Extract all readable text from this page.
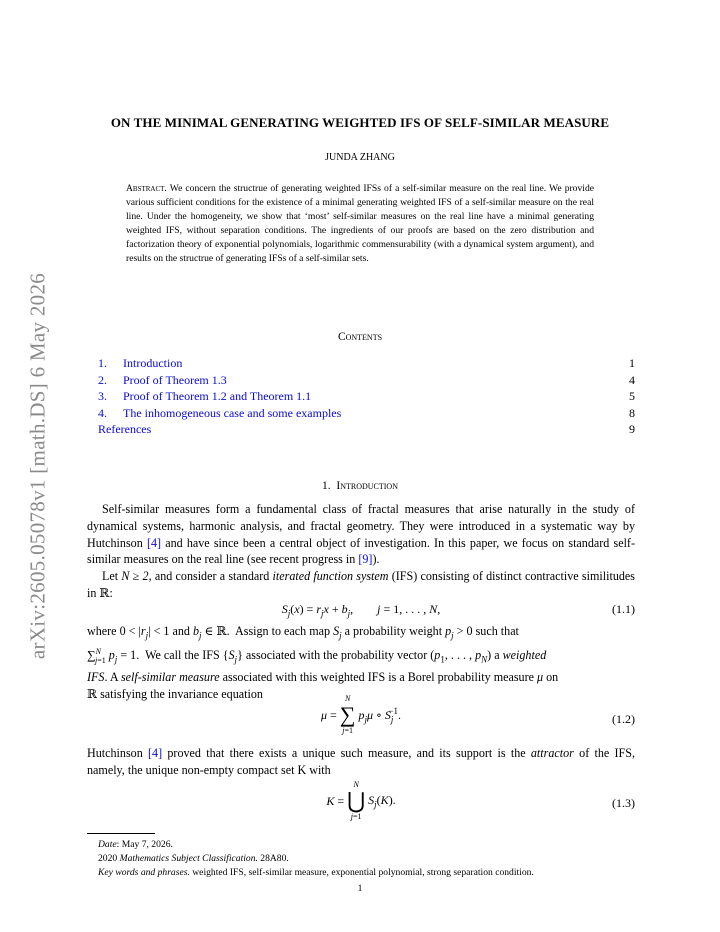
arXiv:2605.05078v1 [math.DS] 6 May 2026
ON THE MINIMAL GENERATING WEIGHTED IFS OF SELF-SIMILAR MEASURE
JUNDA ZHANG
Abstract. We concern the structrue of generating weighted IFSs of a self-similar measure on the real line. We provide various sufficient conditions for the existence of a minimal generating weighted IFS of a self-similar measure on the real line. Under the homogeneity, we show that ‘most’ self-similar measures on the real line have a minimal generating weighted IFS, without separation conditions. The ingredients of our proofs are based on the zero distribution and factorization theory of exponential polynomials, logarithmic commensurability (with a dynamical system argument), and results on the structrue of generating IFSs of a self-similar sets.
Contents
1. Introduction	1
2. Proof of Theorem 1.3	4
3. Proof of Theorem 1.2 and Theorem 1.1	5
4. The inhomogeneous case and some examples	8
References	9
1. Introduction

Self-similar measures form a fundamental class of fractal measures that arise naturally in the study of dynamical systems, harmonic analysis, and fractal geometry. They were introduced in a systematic way by Hutchinson [4] and have since been a central object of investigation. In this paper, we focus on standard self-similar measures on the real line (see recent progress in [9]).

Let N ≥ 2, and consider a standard iterated function system (IFS) consisting of distinct contractive similitudes in ℝ:

$S_j(x) = r_jx + b_j$,        j = 1, . . . , N,	(1.1)

where $0 < |r_j| < 1$ and $b_j$ ∈ ℝ.  Assign to each map $S_j$ a probability weight $p_j > 0$ such that

∑$^N_{j=1}$ $p_j = 1$.  We call the IFS $\{S_j\}$ associated with the probability vector ($p_1$, . . . , $p_N$) a weighted

IFS. A self-similar measure associated with this weighted IFS is a Borel probability measure μ on

ℝ satisfying the invariance equation

μ =
N
∑
j=1
$p_j\mu$ ∘ $S_j^{-1}$.	(1.2)

Hutchinson [4] proved that there exists a unique such measure, and its support is the attractor of the IFS, namely, the unique non-empty compact set K with

K =
N
⋃
j=1
$S_j(K)$.	(1.3)
Date: May 7, 2026.
2020 Mathematics Subject Classification. 28A80.
Key words and phrases. weighted IFS, self-similar measure, exponential polynomial, strong separation condition.
1
